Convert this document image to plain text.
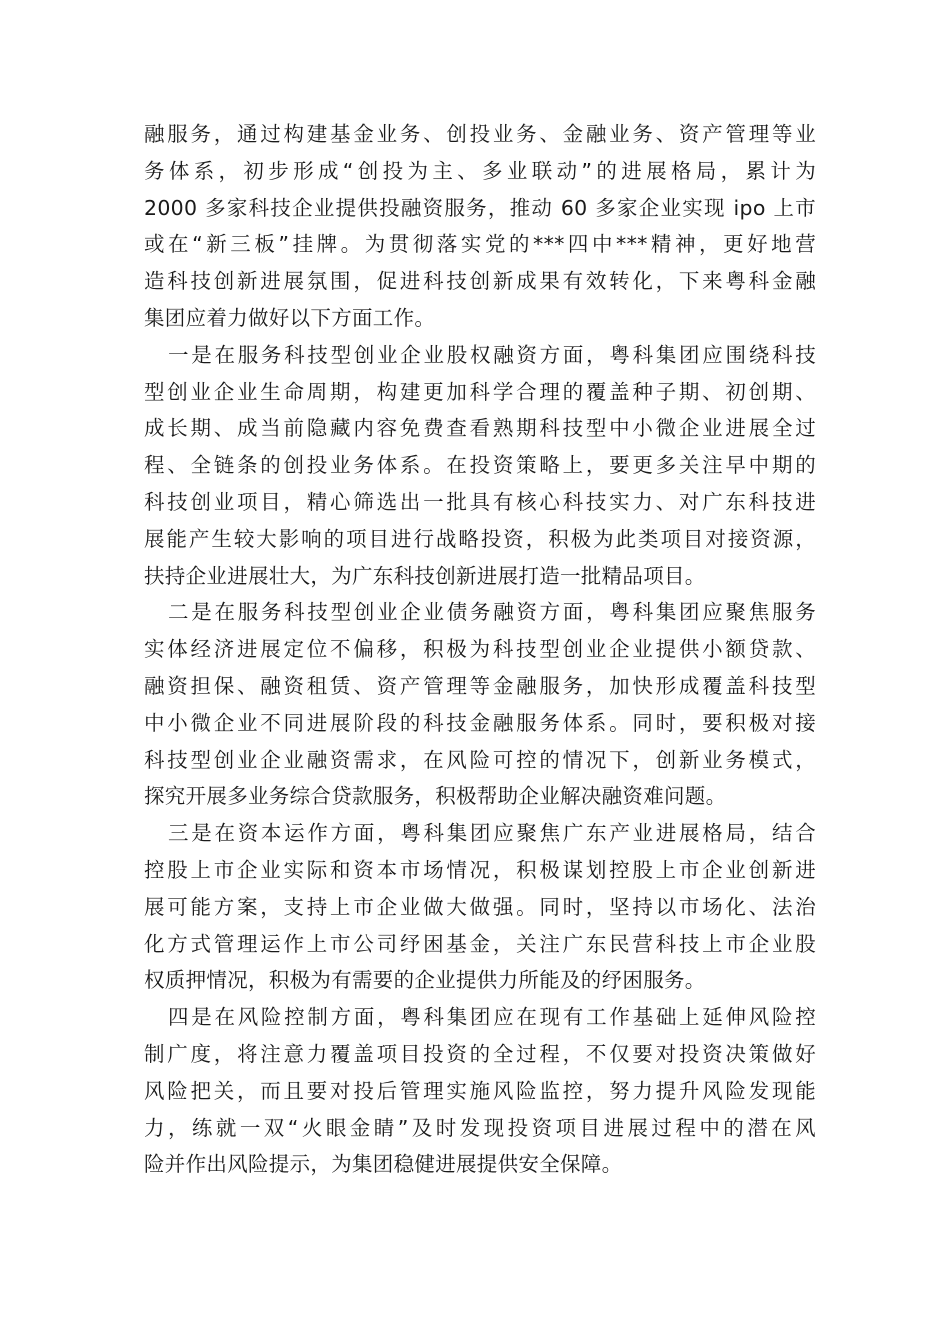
融服务，通过构建基金业务、创投业务、金融业务、资产管理等业
务体系，初步形成“创投为主、多业联动”的进展格局，累计为
2000 多家科技企业提供投融资服务，推动 60 多家企业实现 ipo 上市
或在“新三板”挂牌。为贯彻落实党的***四中***精神，更好地营
造科技创新进展氛围，促进科技创新成果有效转化，下来粤科金融
集团应着力做好以下方面工作。
一是在服务科技型创业企业股权融资方面，粤科集团应围绕科技
型创业企业生命周期，构建更加科学合理的覆盖种子期、初创期、
成长期、成当前隐藏内容免费查看熟期科技型中小微企业进展全过
程、全链条的创投业务体系。在投资策略上，要更多关注早中期的
科技创业项目，精心筛选出一批具有核心科技实力、对广东科技进
展能产生较大影响的项目进行战略投资，积极为此类项目对接资源，
扶持企业进展壮大，为广东科技创新进展打造一批精品项目。
二是在服务科技型创业企业债务融资方面，粤科集团应聚焦服务
实体经济进展定位不偏移，积极为科技型创业企业提供小额贷款、
融资担保、融资租赁、资产管理等金融服务，加快形成覆盖科技型
中小微企业不同进展阶段的科技金融服务体系。同时，要积极对接
科技型创业企业融资需求，在风险可控的情况下，创新业务模式，
探究开展多业务综合贷款服务，积极帮助企业解决融资难问题。
三是在资本运作方面，粤科集团应聚焦广东产业进展格局，结合
控股上市企业实际和资本市场情况，积极谋划控股上市企业创新进
展可能方案，支持上市企业做大做强。同时，坚持以市场化、法治
化方式管理运作上市公司纾困基金，关注广东民营科技上市企业股
权质押情况，积极为有需要的企业提供力所能及的纾困服务。
四是在风险控制方面，粤科集团应在现有工作基础上延伸风险控
制广度，将注意力覆盖项目投资的全过程，不仅要对投资决策做好
风险把关，而且要对投后管理实施风险监控，努力提升风险发现能
力，练就一双“火眼金睛”及时发现投资项目进展过程中的潜在风
险并作出风险提示，为集团稳健进展提供安全保障。
